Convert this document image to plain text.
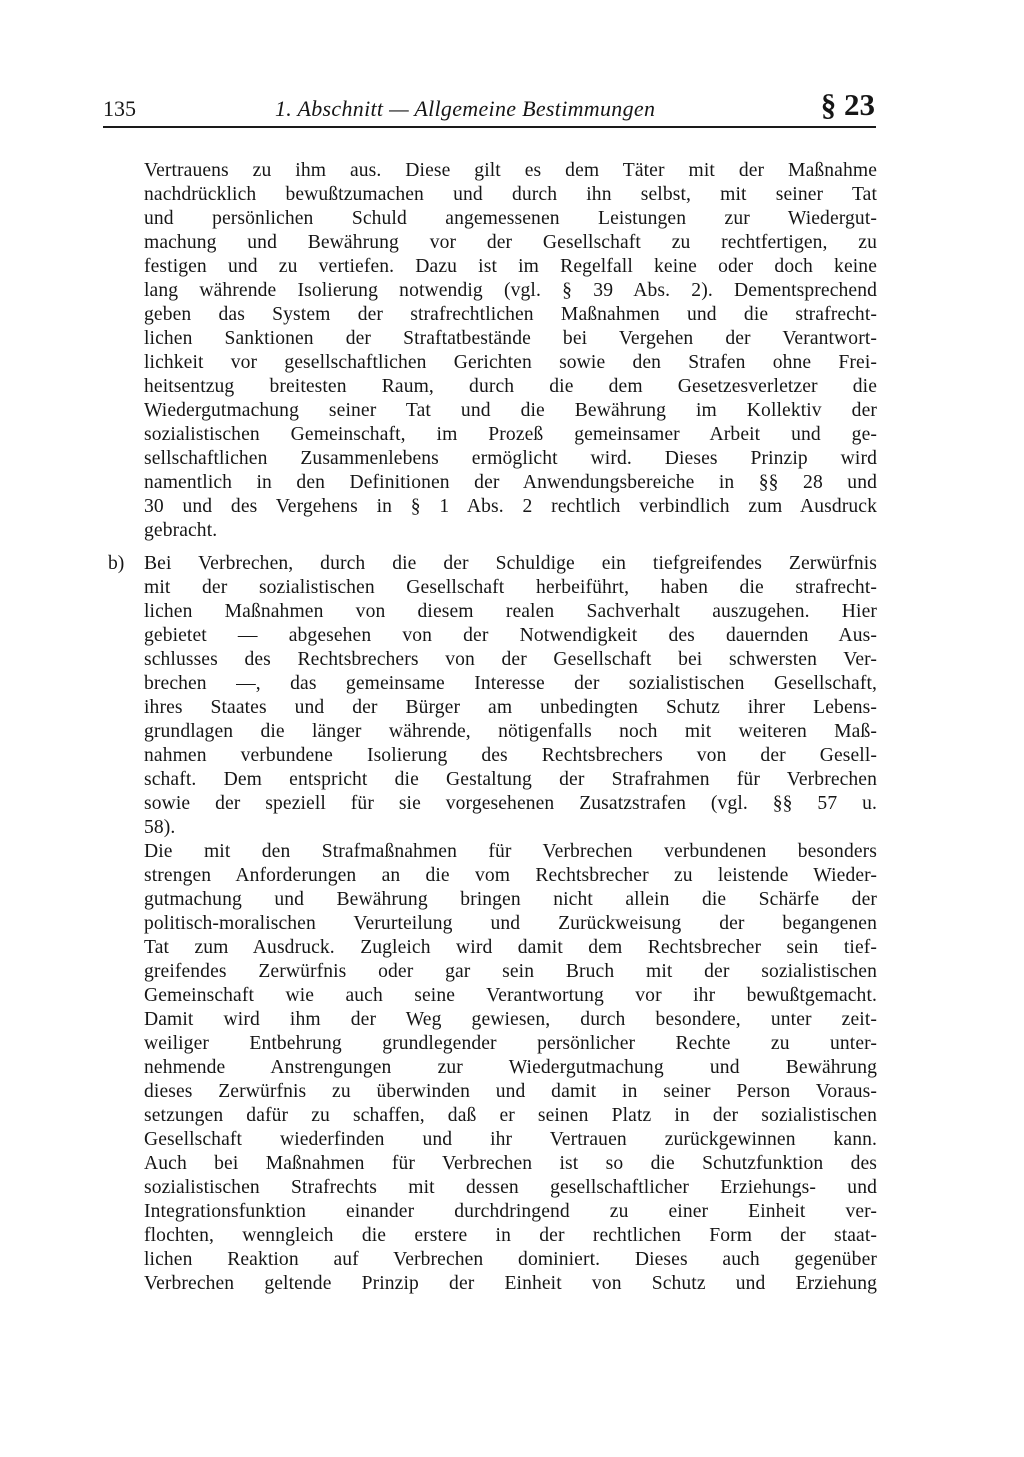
135	1. Abschnitt — Allgemeine Bestimmungen	§ 23
Vertrauens zu ihm aus. Diese gilt es dem Täter mit der Maßnahme
nachdrücklich bewußtzumachen und durch ihn selbst, mit seiner Tat
und persönlichen Schuld angemessenen Leistungen zur Wiedergut-
machung und Bewährung vor der Gesellschaft zu rechtfertigen, zu
festigen und zu vertiefen. Dazu ist im Regelfall keine oder doch keine
lang währende Isolierung notwendig (vgl. § 39 Abs. 2). Dementsprechend
geben das System der strafrechtlichen Maßnahmen und die strafrecht-
lichen Sanktionen der Straftatbestände bei Vergehen der Verantwort-
lichkeit vor gesellschaftlichen Gerichten sowie den Strafen ohne Frei-
heitsentzug breitesten Raum, durch die dem Gesetzesverletzer die
Wiedergutmachung seiner Tat und die Bewährung im Kollektiv der
sozialistischen Gemeinschaft, im Prozeß gemeinsamer Arbeit und ge-
sellschaftlichen Zusammenlebens ermöglicht wird. Dieses Prinzip wird
namentlich in den Definitionen der Anwendungsbereiche in §§ 28 und
30 und des Vergehens in § 1 Abs. 2 rechtlich verbindlich zum Ausdruck
gebracht.
b) Bei Verbrechen, durch die der Schuldige ein tiefgreifendes Zerwürfnis
mit der sozialistischen Gesellschaft herbeiführt, haben die strafrecht-
lichen Maßnahmen von diesem realen Sachverhalt auszugehen. Hier
gebietet — abgesehen von der Notwendigkeit des dauernden Aus-
schlusses des Rechtsbrechers von der Gesellschaft bei schwersten Ver-
brechen —, das gemeinsame Interesse der sozialistischen Gesellschaft,
ihres Staates und der Bürger am unbedingten Schutz ihrer Lebens-
grundlagen die länger währende, nötigenfalls noch mit weiteren Maß-
nahmen verbundene Isolierung des Rechtsbrechers von der Gesell-
schaft. Dem entspricht die Gestaltung der Strafrahmen für Verbrechen
sowie der speziell für sie vorgesehenen Zusatzstrafen (vgl. §§ 57 u.
58).
Die mit den Strafmaßnahmen für Verbrechen verbundenen besonders
strengen Anforderungen an die vom Rechtsbrecher zu leistende Wieder-
gutmachung und Bewährung bringen nicht allein die Schärfe der
politisch-moralischen Verurteilung und Zurückweisung der begangenen
Tat zum Ausdruck. Zugleich wird damit dem Rechtsbrecher sein tief-
greifendes Zerwürfnis oder gar sein Bruch mit der sozialistischen
Gemeinschaft wie auch seine Verantwortung vor ihr bewußtgemacht.
Damit wird ihm der Weg gewiesen, durch besondere, unter zeit-
weiliger Entbehrung grundlegender persönlicher Rechte zu unter-
nehmende Anstrengungen zur Wiedergutmachung und Bewährung
dieses Zerwürfnis zu überwinden und damit in seiner Person Voraus-
setzungen dafür zu schaffen, daß er seinen Platz in der sozialistischen
Gesellschaft wiederfinden und ihr Vertrauen zurückgewinnen kann.
Auch bei Maßnahmen für Verbrechen ist so die Schutzfunktion des
sozialistischen Strafrechts mit dessen gesellschaftlicher Erziehungs- und
Integrationsfunktion einander durchdringend zu einer Einheit ver-
flochten, wenngleich die erstere in der rechtlichen Form der staat-
lichen Reaktion auf Verbrechen dominiert. Dieses auch gegenüber
Verbrechen geltende Prinzip der Einheit von Schutz und Erziehung
